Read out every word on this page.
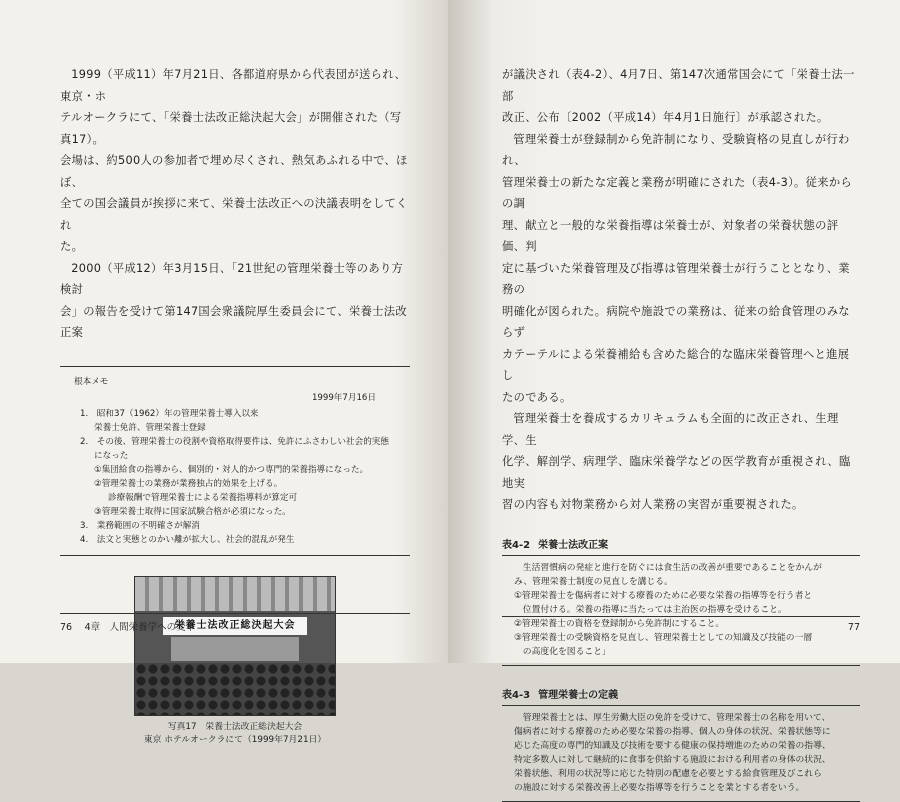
1999（平成11）年7月21日、各都道府県から代表団が送られ、東京・ホ
テルオークラにて、「栄養士法改正総決起大会」が開催された（写真17）。
会場は、約500人の参加者で埋め尽くされ、熱気あふれる中で、ほぼ、
全ての国会議員が挨拶に来て、栄養士法改正への決議表明をしてくれ
た。
2000（平成12）年3月15日、「21世紀の管理栄養士等のあり方検討
会」の報告を受けて第147国会衆議院厚生委員会にて、栄養士法改正案
根本メモ
1999年7月16日
1.　昭和37（1962）年の管理栄養士導入以来
栄養士免許、管理栄養士登録
2.　その後、管理栄養士の役割や資格取得要件は、免許にふさわしい社会的実態
になった
①集団給食の指導から、個別的・対人的かつ専門的栄養指導になった。
②管理栄養士の業務が業務独占的効果を上げる。
診療報酬で管理栄養士による栄養指導料が算定可
③管理栄養士取得に国家試験合格が必須になった。
3.　業務範囲の不明確さが解消
4.　法文と実態とのかい離が拡大し、社会的混乱が発生
栄養士法改正総決起大会
写真17　栄養士法改正総決起大会
東京 ホテルオークラにて（1999年7月21日）
76　 4章　人間栄養学への変革
が議決され（表4-2）、4月7日、第147次通常国会にて「栄養士法一部
改正、公布〔2002（平成14）年4月1日施行〕が承認された。
管理栄養士が登録制から免許制になり、受験資格の見直しが行われ、
管理栄養士の新たな定義と業務が明確にされた（表4-3）。従来からの調
理、献立と一般的な栄養指導は栄養士が、対象者の栄養状態の評価、判
定に基づいた栄養管理及び指導は管理栄養士が行うこととなり、業務の
明確化が図られた。病院や施設での業務は、従来の給食管理のみならず
カテーテルによる栄養補給も含めた総合的な臨床栄養管理へと進展し
たのである。
管理栄養士を養成するカリキュラムも全面的に改正され、生理学、生
化学、解剖学、病理学、臨床栄養学などの医学教育が重視され、臨地実
習の内容も対物業務から対人業務の実習が重要視された。
表4-2 栄養士法改正案
　生活習慣病の発症と進行を防ぐには食生活の改善が重要であることをかんが
み、管理栄養士制度の見直しを講じる。
①管理栄養士を傷病者に対する療養のために必要な栄養の指導等を行う者と
　位置付ける。栄養の指導に当たっては主治医の指導を受けること。
②管理栄養士の資格を登録制から免許制にすること。
③管理栄養士の受験資格を見直し、管理栄養士としての知識及び技能の一層
　の高度化を図ること」
表4-3 管理栄養士の定義
　管理栄養士とは、厚生労働大臣の免許を受けて、管理栄養士の名称を用いて、
傷病者に対する療養のため必要な栄養の指導、個人の身体の状況、栄養状態等に
応じた高度の専門的知識及び技術を要する健康の保持増進のための栄養の指導、
特定多数人に対して継続的に食事を供給する施設における利用者の身体の状況、
栄養状態、利用の状況等に応じた特別の配慮を必要とする給食管理及びこれら
の施設に対する栄養改善上必要な指導等を行うことを業とする者をいう。
77
